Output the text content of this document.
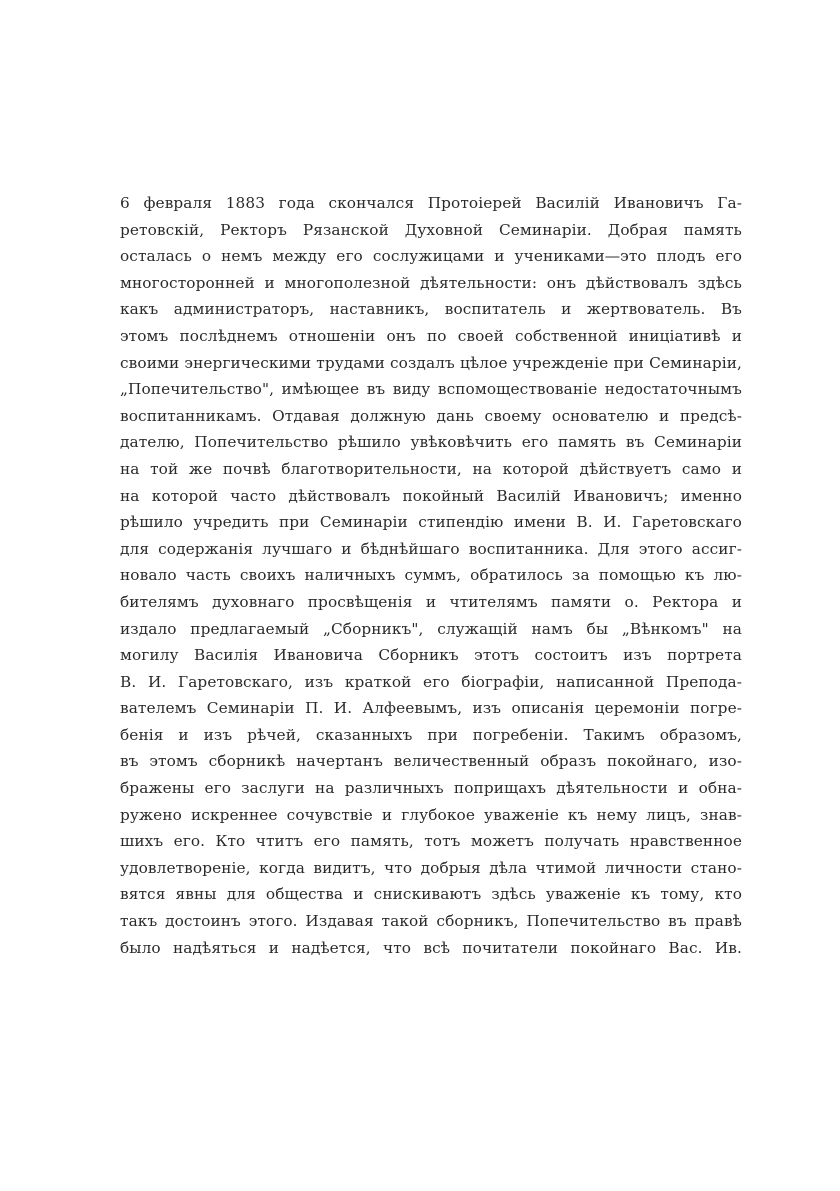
6 февраля 1883 года скончался Протоіерей Василій Ивановичъ Га-
ретовскій, Ректоръ Рязанской Духовной Семинаріи. Добрая память
осталась о немъ между его сослужицами и учениками—это плодъ его
многосторонней и многополезной дѣятельности: онъ дѣйствовалъ здѣсь
какъ администраторъ, наставникъ, воспитатель и жертвователь. Въ
этомъ послѣднемъ отношеніи онъ по своей собственной иниціативѣ и
своими энергическими трудами создалъ цѣлое учрежденіе при Семинаріи,
„Попечительство", имѣющее въ виду вспомоществованіе недостаточнымъ
воспитанникамъ. Отдавая должную дань своему основателю и предсѣ-
дателю, Попечительство рѣшило увѣковѣчить его память въ Семинаріи
на той же почвѣ благотворительности, на которой дѣйствуетъ само и
на которой часто дѣйствовалъ покойный Василій Ивановичъ; именно
рѣшило учредить при Семинаріи стипендію имени В. И. Гаретовскаго
для содержанія лучшаго и бѣднѣйшаго воспитанника. Для этого ассиг-
новало часть своихъ наличныхъ суммъ, обратилось за помощью къ лю-
бителямъ духовнаго просвѣщенія и чтителямъ памяти о. Ректора и
издало предлагаемый „Сборникъ", служащій намъ бы „Вѣнкомъ" на
могилу Василія Ивановича Сборникъ этотъ состоитъ изъ портрета
В. И. Гаретовскаго, изъ краткой его біографіи, написанной Препода-
вателемъ Семинаріи П. И. Алфеевымъ, изъ описанія церемоніи погре-
бенія и изъ рѣчей, сказанныхъ при погребеніи. Такимъ образомъ,
въ этомъ сборникѣ начертанъ величественный образъ покойнаго, изо-
бражены его заслуги на различныхъ поприщахъ дѣятельности и обна-
ружено искреннее сочувствіе и глубокое уваженіе къ нему лицъ, знав-
шихъ его. Кто чтитъ его память, тотъ можетъ получать нравственное
удовлетвореніе, когда видитъ, что добрыя дѣла чтимой личности стано-
вятся явны для общества и снискиваютъ здѣсь уваженіе къ тому, кто
такъ достоинъ этого. Издавая такой сборникъ, Попечительство въ правѣ
было надѣяться и надѣется, что всѣ почитатели покойнаго Вас. Ив.
